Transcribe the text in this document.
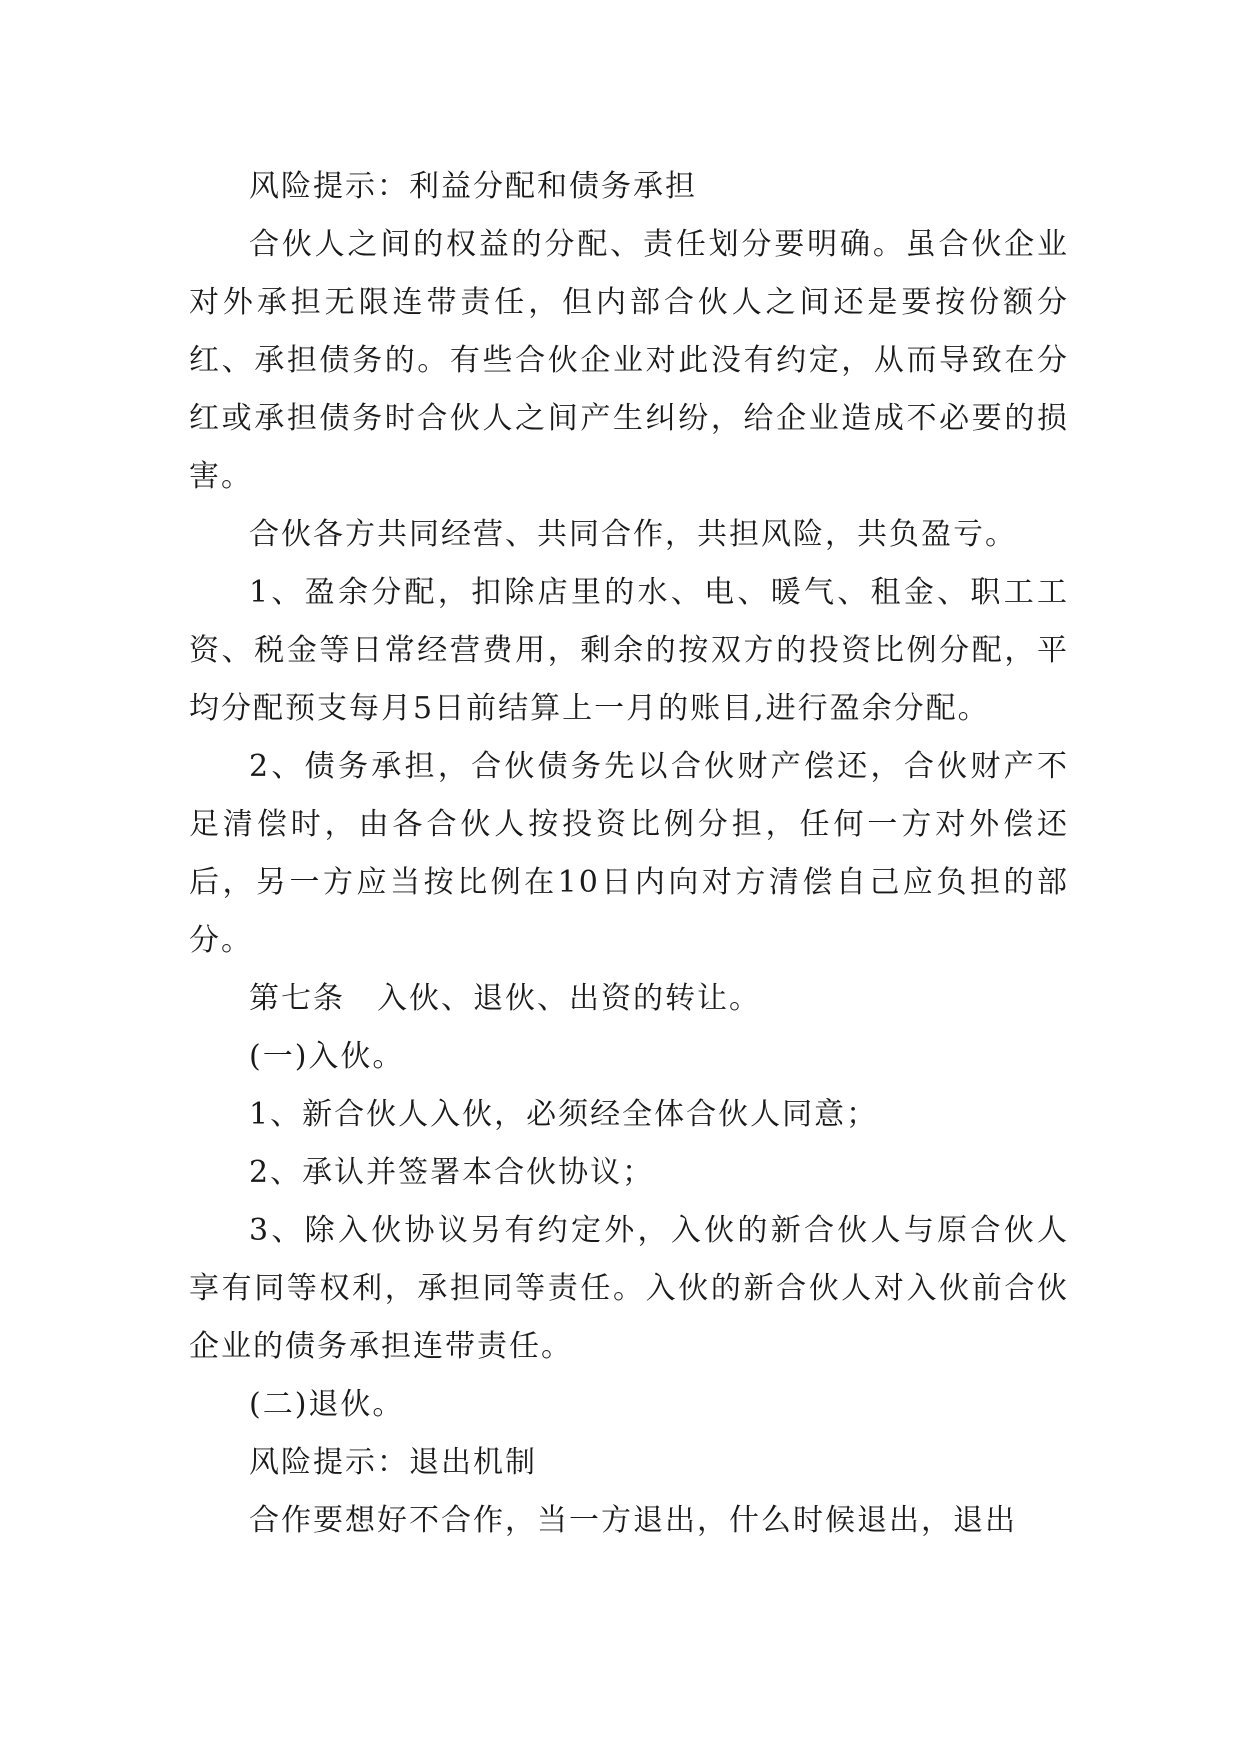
风险提示：利益分配和债务承担

合伙人之间的权益的分配、责任划分要明确。虽合伙企业对外承担无限连带责任，但内部合伙人之间还是要按份额分红、承担债务的。有些合伙企业对此没有约定，从而导致在分红或承担债务时合伙人之间产生纠纷，给企业造成不必要的损害。

合伙各方共同经营、共同合作，共担风险，共负盈亏。

1、盈余分配，扣除店里的水、电、暖气、租金、职工工资、税金等日常经营费用，剩余的按双方的投资比例分配，平均分配预支每月5日前结算上一月的账目,进行盈余分配。

2、债务承担，合伙债务先以合伙财产偿还，合伙财产不足清偿时，由各合伙人按投资比例分担，任何一方对外偿还后，另一方应当按比例在10日内向对方清偿自己应负担的部分。

第七条　入伙、退伙、出资的转让。

(一)入伙。

1、新合伙人入伙，必须经全体合伙人同意；

2、承认并签署本合伙协议；

3、除入伙协议另有约定外，入伙的新合伙人与原合伙人享有同等权利，承担同等责任。入伙的新合伙人对入伙前合伙企业的债务承担连带责任。

(二)退伙。

风险提示：退出机制

合作要想好不合作，当一方退出，什么时候退出，退出
